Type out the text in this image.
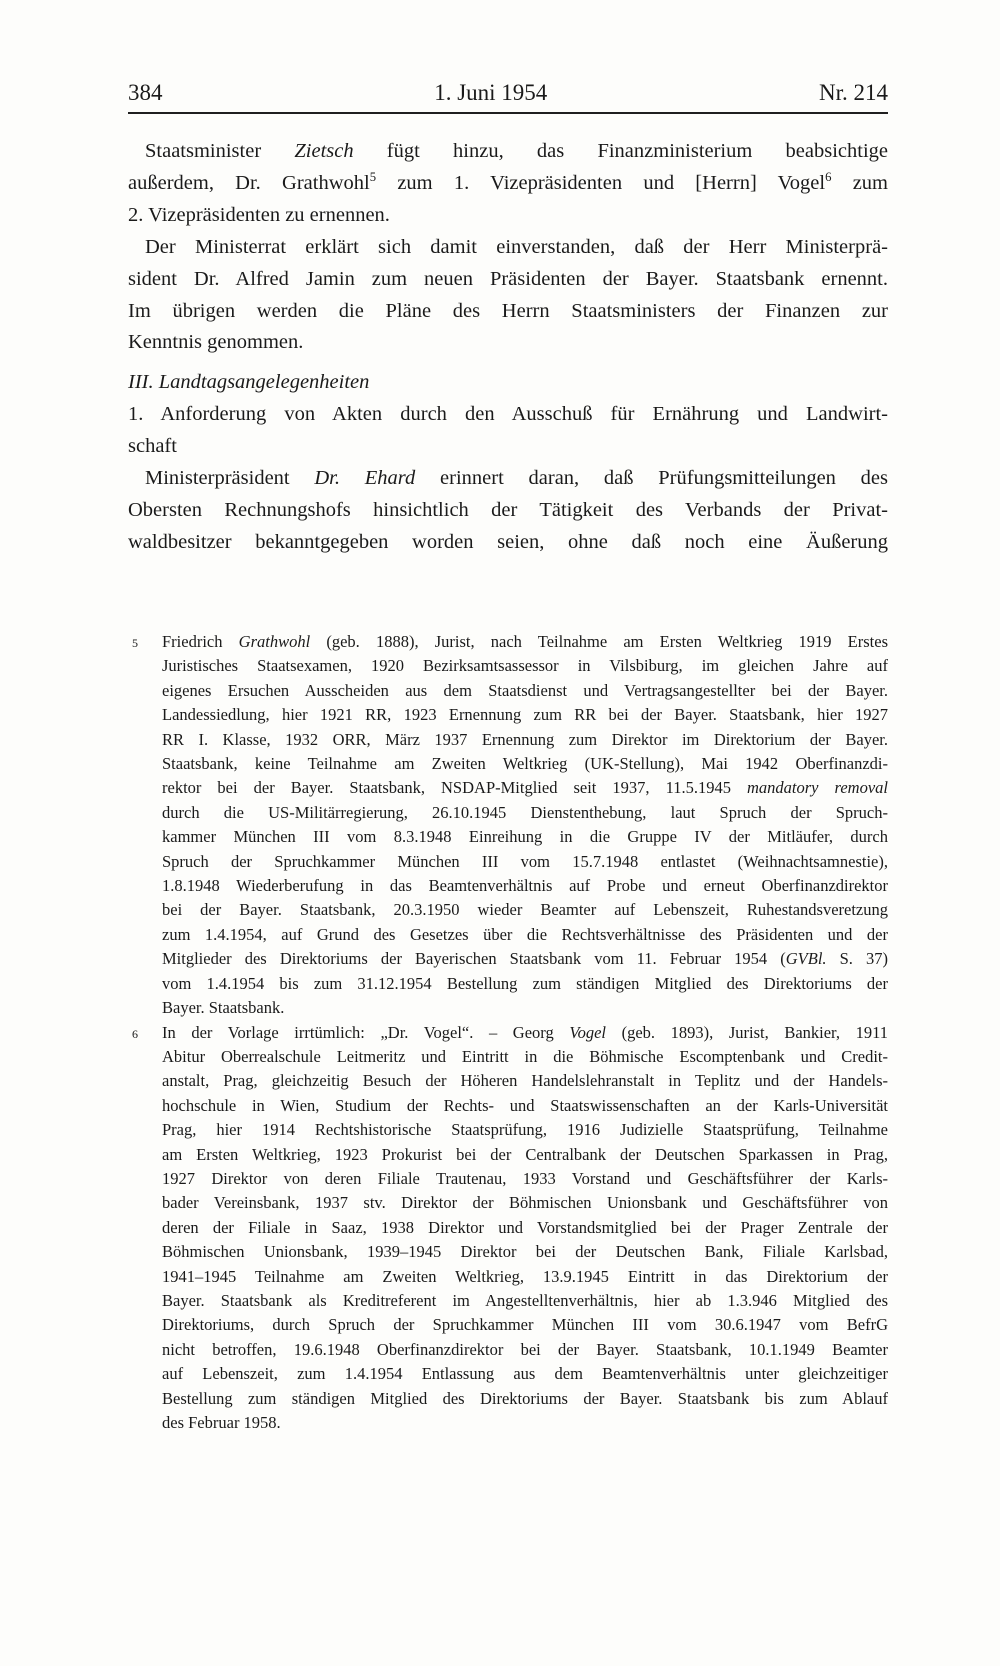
384	1. Juni 1954	Nr. 214
Staatsminister Zietsch fügt hinzu, das Finanzministerium beabsichtige
außerdem, Dr. Grathwohl$^5$ zum 1. Vizepräsidenten und [Herrn] Vogel$^6$ zum
2. Vizepräsidenten zu ernennen.
Der Ministerrat erklärt sich damit einverstanden, daß der Herr Ministerprä-
sident Dr. Alfred Jamin zum neuen Präsidenten der Bayer. Staatsbank ernennt.
Im übrigen werden die Pläne des Herrn Staatsministers der Finanzen zur
Kenntnis genommen.
III. Landtagsangelegenheiten
1. Anforderung von Akten durch den Ausschuß für Ernährung und Landwirt-
schaft
Ministerpräsident Dr. Ehard erinnert daran, daß Prüfungsmitteilungen des
Obersten Rechnungshofs hinsichtlich der Tätigkeit des Verbands der Privat-
waldbesitzer bekanntgegeben worden seien, ohne daß noch eine Äußerung
5	Friedrich Grathwohl (geb. 1888), Jurist, nach Teilnahme am Ersten Weltkrieg 1919 Erstes
Juristisches Staatsexamen, 1920 Bezirksamtsassessor in Vilsbiburg, im gleichen Jahre auf
eigenes Ersuchen Ausscheiden aus dem Staatsdienst und Vertragsangestellter bei der Bayer.
Landessiedlung, hier 1921 RR, 1923 Ernennung zum RR bei der Bayer. Staatsbank, hier 1927
RR I. Klasse, 1932 ORR, März 1937 Ernennung zum Direktor im Direktorium der Bayer.
Staatsbank, keine Teilnahme am Zweiten Weltkrieg (UK-Stellung), Mai 1942 Oberfinanzdi-
rektor bei der Bayer. Staatsbank, NSDAP-Mitglied seit 1937, 11.5.1945 mandatory removal
durch die US-Militärregierung, 26.10.1945 Dienstenthebung, laut Spruch der Spruch-
kammer München III vom 8.3.1948 Einreihung in die Gruppe IV der Mitläufer, durch
Spruch der Spruchkammer München III vom 15.7.1948 entlastet (Weihnachtsamnestie),
1.8.1948 Wiederberufung in das Beamtenverhältnis auf Probe und erneut Oberfinanzdirektor
bei der Bayer. Staatsbank, 20.3.1950 wieder Beamter auf Lebenszeit, Ruhestandsveretzung
zum 1.4.1954, auf Grund des Gesetzes über die Rechtsverhältnisse des Präsidenten und der
Mitglieder des Direktoriums der Bayerischen Staatsbank vom 11. Februar 1954 (GVBl. S. 37)
vom 1.4.1954 bis zum 31.12.1954 Bestellung zum ständigen Mitglied des Direktoriums der
Bayer. Staatsbank.
6	In der Vorlage irrtümlich: „Dr. Vogel“. – Georg Vogel (geb. 1893), Jurist, Bankier, 1911
Abitur Oberrealschule Leitmeritz und Eintritt in die Böhmische Escomptenbank und Credit-
anstalt, Prag, gleichzeitig Besuch der Höheren Handelslehranstalt in Teplitz und der Handels-
hochschule in Wien, Studium der Rechts- und Staatswissenschaften an der Karls-Universität
Prag, hier 1914 Rechtshistorische Staatsprüfung, 1916 Judizielle Staatsprüfung, Teilnahme
am Ersten Weltkrieg, 1923 Prokurist bei der Centralbank der Deutschen Sparkassen in Prag,
1927 Direktor von deren Filiale Trautenau, 1933 Vorstand und Geschäftsführer der Karls-
bader Vereinsbank, 1937 stv. Direktor der Böhmischen Unionsbank und Geschäftsführer von
deren der Filiale in Saaz, 1938 Direktor und Vorstandsmitglied bei der Prager Zentrale der
Böhmischen Unionsbank, 1939–1945 Direktor bei der Deutschen Bank, Filiale Karlsbad,
1941–1945 Teilnahme am Zweiten Weltkrieg, 13.9.1945 Eintritt in das Direktorium der
Bayer. Staatsbank als Kreditreferent im Angestelltenverhältnis, hier ab 1.3.946 Mitglied des
Direktoriums, durch Spruch der Spruchkammer München III vom 30.6.1947 vom BefrG
nicht betroffen, 19.6.1948 Oberfinanzdirektor bei der Bayer. Staatsbank, 10.1.1949 Beamter
auf Lebenszeit, zum 1.4.1954 Entlassung aus dem Beamtenverhältnis unter gleichzeitiger
Bestellung zum ständigen Mitglied des Direktoriums der Bayer. Staatsbank bis zum Ablauf
des Februar 1958.
